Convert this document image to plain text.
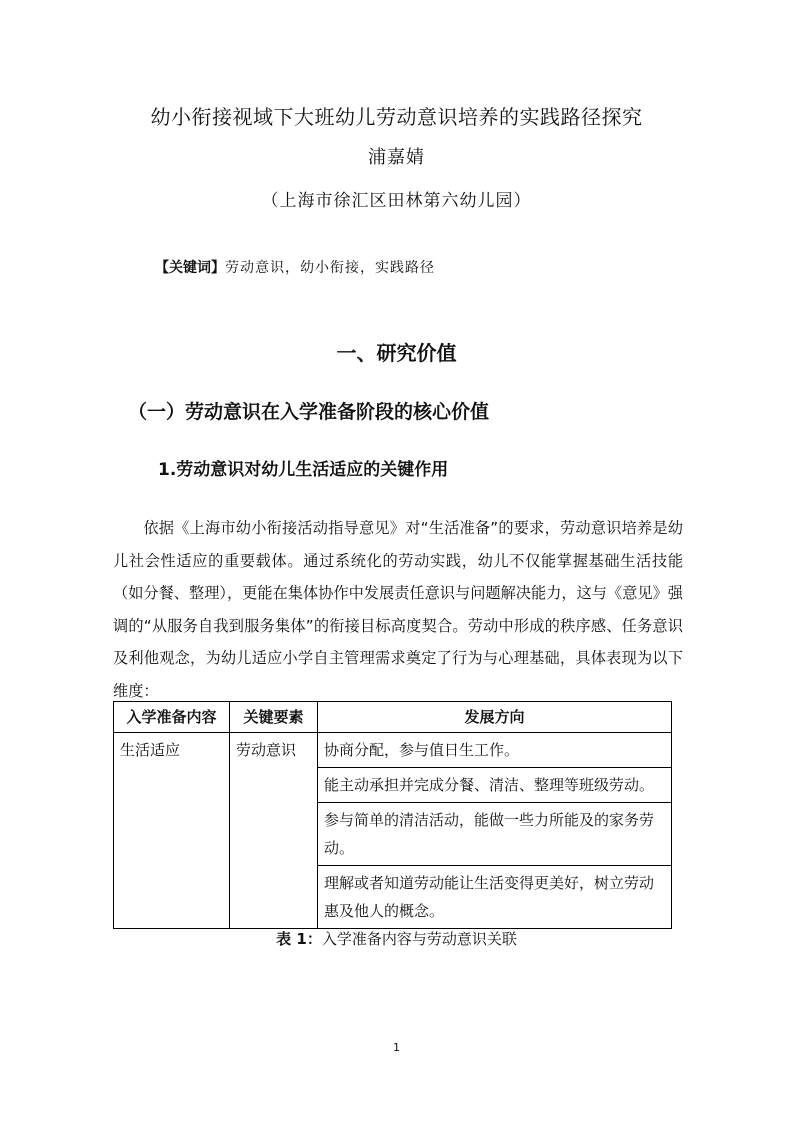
幼小衔接视域下大班幼儿劳动意识培养的实践路径探究
浦嘉婧
（上海市徐汇区田林第六幼儿园）
【关键词】劳动意识，幼小衔接，实践路径
一、研究价值
（一）劳动意识在入学准备阶段的核心价值
1.劳动意识对幼儿生活适应的关键作用

依据《上海市幼小衔接活动指导意见》对“生活准备”的要求，劳动意识培养是幼儿社会性适应的重要载体。通过系统化的劳动实践，幼儿不仅能掌握基础生活技能（如分餐、整理），更能在集体协作中发展责任意识与问题解决能力，这与《意见》强调的“从服务自我到服务集体”的衔接目标高度契合。劳动中形成的秩序感、任务意识及利他观念，为幼儿适应小学自主管理需求奠定了行为与心理基础，具体表现为以下维度：

入学准备内容	关键要素	发展方向
生活适应	劳动意识	协商分配，参与值日生工作。
		能主动承担并完成分餐、清洁、整理等班级劳动。
		参与简单的清洁活动，能做一些力所能及的家务劳动。
		理解或者知道劳动能让生活变得更美好，树立劳动惠及他人的概念。
表 1：入学准备内容与劳动意识关联
1
